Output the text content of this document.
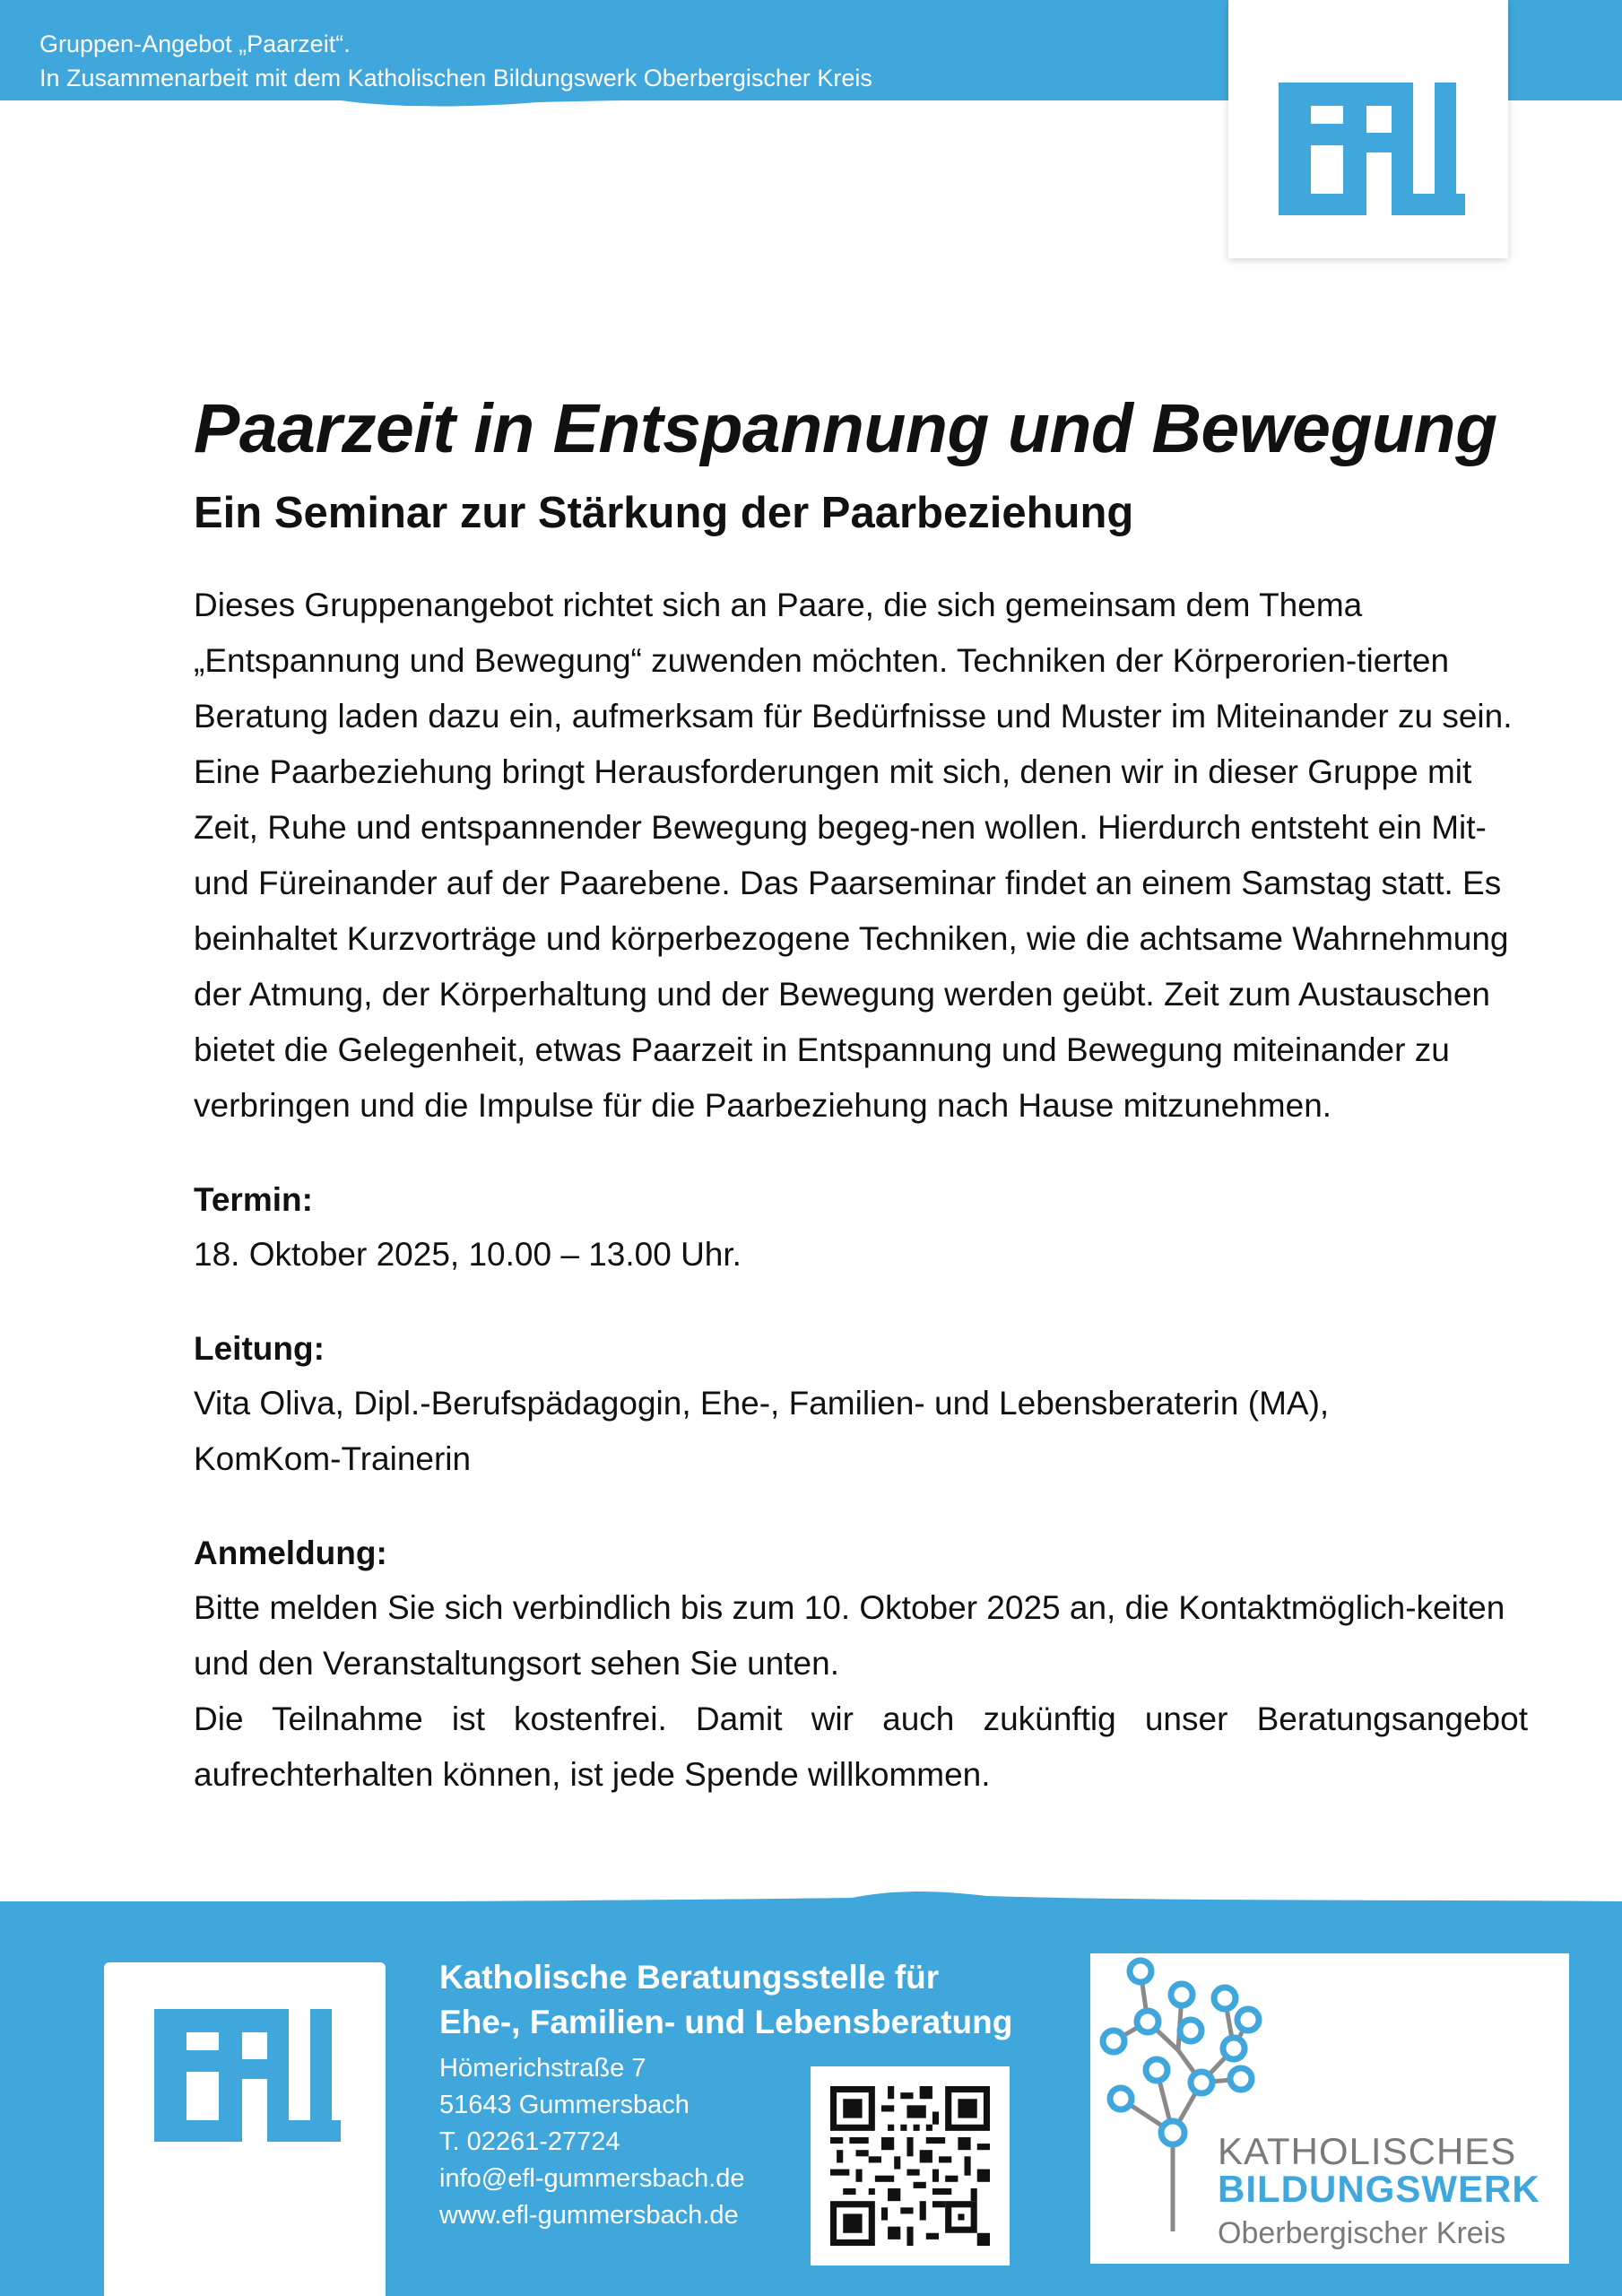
Gruppen-Angebot „Paarzeit“.
In Zusammenarbeit mit dem Katholischen Bildungswerk Oberbergischer Kreis
Paarzeit in Entspannung und Bewegung
Ein Seminar zur Stärkung der Paarbeziehung

Dieses Gruppenangebot richtet sich an Paare, die sich gemeinsam dem Thema „Entspannung und Bewegung“ zuwenden möchten. Techniken der Körperorien-tierten Beratung laden dazu ein, aufmerksam für Bedürfnisse und Muster im Miteinander zu sein. Eine Paarbeziehung bringt Herausforderungen mit sich, denen wir in dieser Gruppe mit Zeit, Ruhe und entspannender Bewegung begeg-nen wollen. Hierdurch entsteht ein Mit- und Füreinander auf der Paarebene. Das Paarseminar findet an einem Samstag statt. Es beinhaltet Kurzvorträge und körperbezogene Techniken, wie die achtsame Wahrnehmung der Atmung, der Körperhaltung und der Bewegung werden geübt. Zeit zum Austauschen bietet die Gelegenheit, etwas Paarzeit in Entspannung und Bewegung miteinander zu verbringen und die Impulse für die Paarbeziehung nach Hause mitzunehmen.

Termin:

18. Oktober 2025, 10.00 – 13.00 Uhr.

Leitung:

Vita Oliva, Dipl.-Berufspädagogin, Ehe-, Familien- und Lebensberaterin (MA),

KomKom-Trainerin

Anmeldung:

Bitte melden Sie sich verbindlich bis zum 10. Oktober 2025 an, die Kontaktmöglich-keiten und den Veranstaltungsort sehen Sie unten.

Die Teilnahme ist kostenfrei. Damit wir auch zukünftig unser Beratungsangebot aufrechterhalten können, ist jede Spende willkommen.

Katholische Beratungsstelle für
Ehe-, Familien- und Lebensberatung
Hömerichstraße 7
51643 Gummersbach
T. 02261-27724
info@efl-gummersbach.de
www.efl-gummersbach.de
KATHOLISCHES
BILDUNGSWERK
Oberbergischer Kreis
